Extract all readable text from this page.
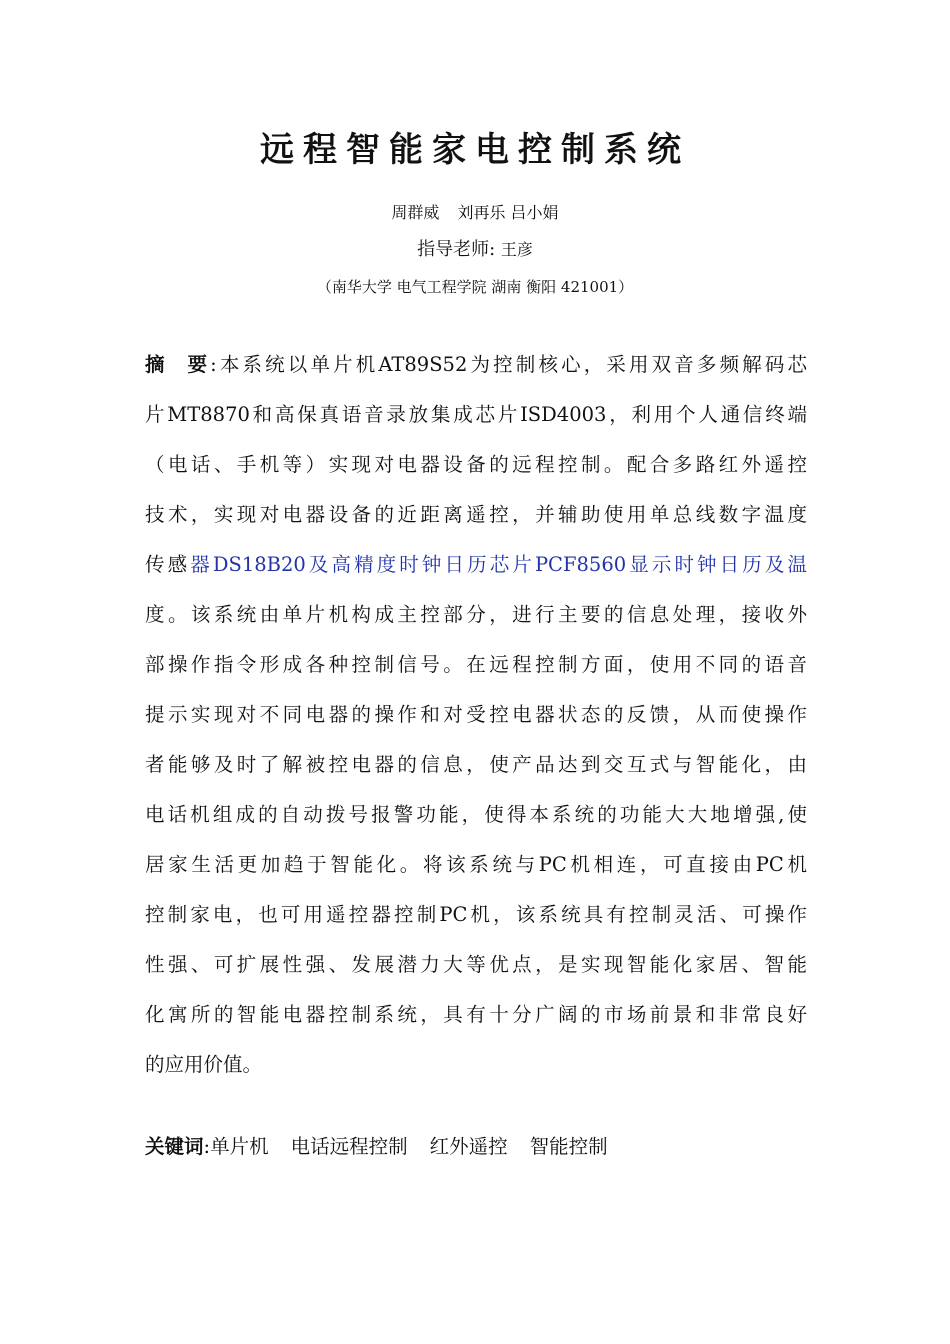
远程智能家电控制系统
周群威 刘再乐 吕小娟
指导老师: 王彦
（南华大学 电气工程学院 湖南 衡阳 421001）
摘  要:本系统以单片机AT89S52为控制核心，采用双音多频解码芯
片MT8870和高保真语音录放集成芯片ISD4003，利用个人通信终端
（电话、手机等）实现对电器设备的远程控制。配合多路红外遥控
技术，实现对电器设备的近距离遥控，并辅助使用单总线数字温度
传感器DS18B20及高精度时钟日历芯片PCF8560显示时钟日历及温
度。该系统由单片机构成主控部分，进行主要的信息处理，接收外
部操作指令形成各种控制信号。在远程控制方面，使用不同的语音
提示实现对不同电器的操作和对受控电器状态的反馈，从而使操作
者能够及时了解被控电器的信息，使产品达到交互式与智能化，由
电话机组成的自动拨号报警功能，使得本系统的功能大大地增强,使
居家生活更加趋于智能化。将该系统与PC机相连，可直接由PC机
控制家电，也可用遥控器控制PC机，该系统具有控制灵活、可操作
性强、可扩展性强、发展潜力大等优点，是实现智能化家居、智能
化寓所的智能电器控制系统，具有十分广阔的市场前景和非常良好
的应用价值。
关键词:单片机 电话远程控制 红外遥控 智能控制
